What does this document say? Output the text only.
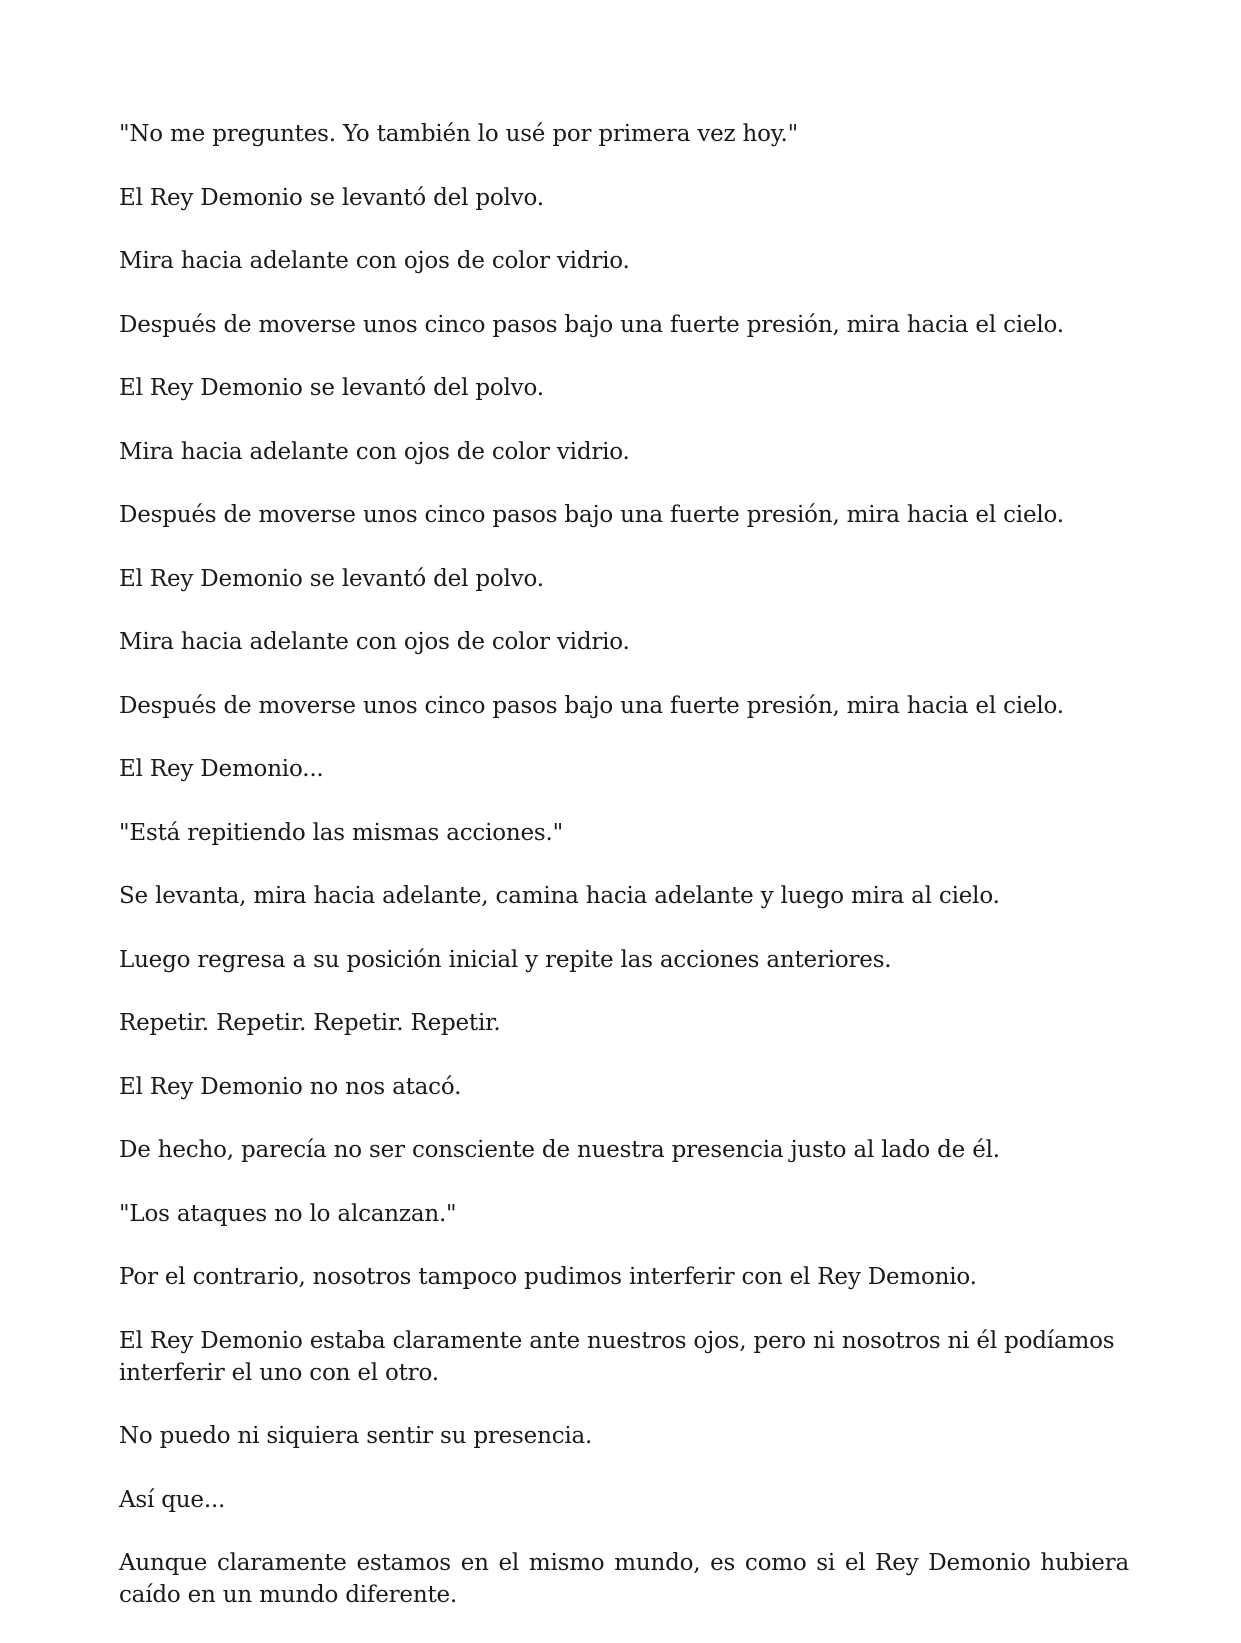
"No me preguntes. Yo también lo usé por primera vez hoy."

El Rey Demonio se levantó del polvo.

Mira hacia adelante con ojos de color vidrio.

Después de moverse unos cinco pasos bajo una fuerte presión, mira hacia el cielo.

El Rey Demonio se levantó del polvo.

Mira hacia adelante con ojos de color vidrio.

Después de moverse unos cinco pasos bajo una fuerte presión, mira hacia el cielo.

El Rey Demonio se levantó del polvo.

Mira hacia adelante con ojos de color vidrio.

Después de moverse unos cinco pasos bajo una fuerte presión, mira hacia el cielo.

El Rey Demonio...

"Está repitiendo las mismas acciones."

Se levanta, mira hacia adelante, camina hacia adelante y luego mira al cielo.

Luego regresa a su posición inicial y repite las acciones anteriores.

Repetir. Repetir. Repetir. Repetir.

El Rey Demonio no nos atacó.

De hecho, parecía no ser consciente de nuestra presencia justo al lado de él.

"Los ataques no lo alcanzan."

Por el contrario, nosotros tampoco pudimos interferir con el Rey Demonio.

El Rey Demonio estaba claramente ante nuestros ojos, pero ni nosotros ni él podíamos interferir el uno con el otro.

No puedo ni siquiera sentir su presencia.

Así que...

Aunque claramente estamos en el mismo mundo, es como si el Rey Demonio hubiera caído en un mundo diferente.
